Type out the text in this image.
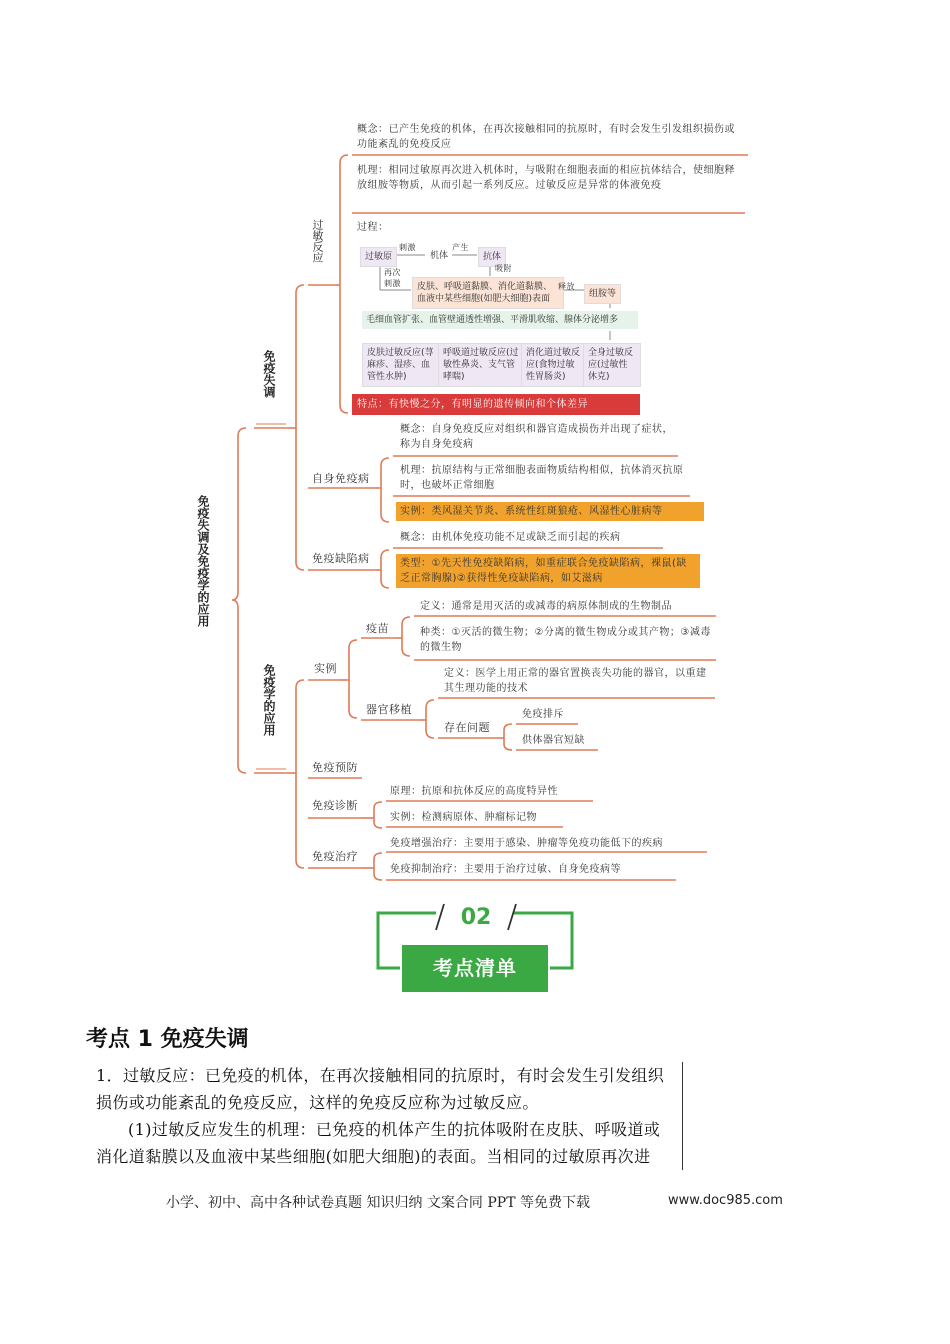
免疫失调及免疫学的应用
免疫失调
免疫学的应用
过敏反应
概念：已产生免疫的机体，在再次接触相同的抗原时，有时会发生引发组织损伤或功能紊乱的免疫反应
机理：相同过敏原再次进入机体时，与吸附在细胞表面的相应抗体结合，使细胞释放组胺等物质，从而引起一系列反应。过敏反应是异常的体液免疫
过程：
过敏原
刺激
机体
产生
抗体
吸附
再次刺激	皮肤、呼吸道黏膜、消化道黏膜、血液中某些细胞(如肥大细胞)表面
释放
组胺等
毛细血管扩张、血管壁通透性增强、平滑肌收缩、腺体分泌增多
皮肤过敏反应(荨麻疹、湿疹、血管性水肿)
呼吸道过敏反应(过敏性鼻炎、支气管哮喘)
消化道过敏反应(食物过敏性胃肠炎)
全身过敏反应(过敏性休克)
特点：有快慢之分，有明显的遗传倾向和个体差异
自身免疫病
概念：自身免疫反应对组织和器官造成损伤并出现了症状，称为自身免疫病
机理：抗原结构与正常细胞表面物质结构相似，抗体消灭抗原时，也破坏正常细胞
实例：类风湿关节炎、系统性红斑狼疮、风湿性心脏病等
免疫缺陷病
概念：由机体免疫功能不足或缺乏而引起的疾病
类型：①先天性免疫缺陷病，如重症联合免疫缺陷病，裸鼠(缺乏正常胸腺)②获得性免疫缺陷病，如艾滋病
实例
疫苗
定义：通常是用灭活的或减毒的病原体制成的生物制品
种类：①灭活的微生物；②分离的微生物成分或其产物；③减毒的微生物
器官移植
定义：医学上用正常的器官置换丧失功能的器官，以重建其生理功能的技术
存在问题
免疫排斥
供体器官短缺
免疫预防
免疫诊断
原理：抗原和抗体反应的高度特异性
实例：检测病原体、肿瘤标记物
免疫治疗
免疫增强治疗：主要用于感染、肿瘤等免疫功能低下的疾病
免疫抑制治疗：主要用于治疗过敏、自身免疫病等
02
考点清单
考点 1 免疫失调
1．过敏反应：已免疫的机体，在再次接触相同的抗原时，有时会发生引发组织损伤或功能紊乱的免疫反应，这样的免疫反应称为过敏反应。
(1)过敏反应发生的机理：已免疫的机体产生的抗体吸附在皮肤、呼吸道或消化道黏膜以及血液中某些细胞(如肥大细胞)的表面。当相同的过敏原再次进
小学、初中、高中各种试卷真题 知识归纳 文案合同 PPT 等免费下载	www.doc985.com
